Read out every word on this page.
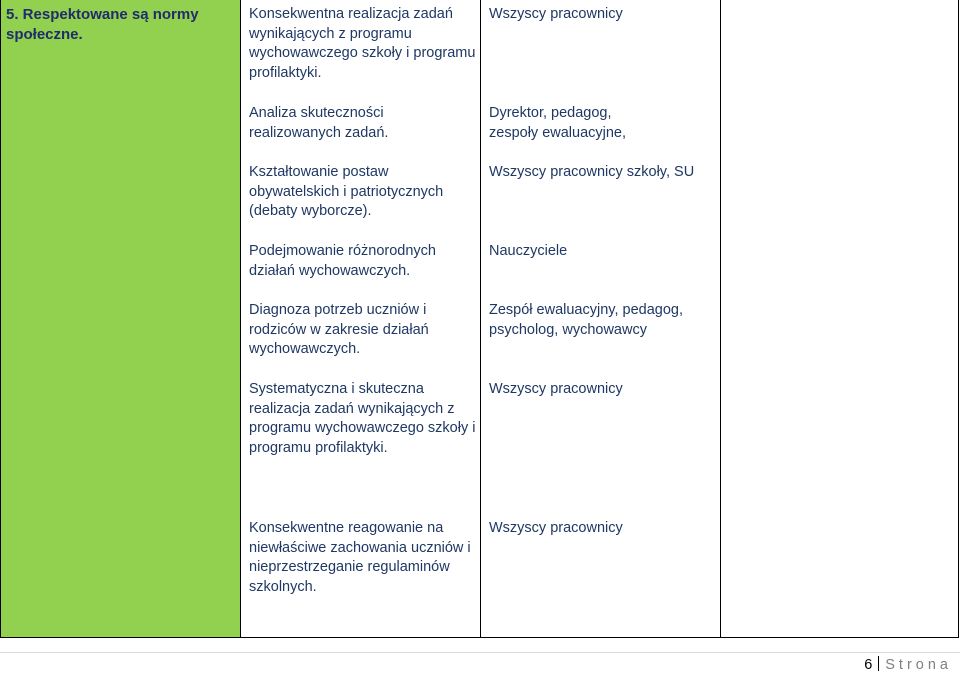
5. Respektowane są normy społeczne.
Konsekwentna realizacja zadań wynikających z programu wychowawczego szkoły i programu profilaktyki.
Analiza skuteczności realizowanych zadań.
Kształtowanie postaw obywatelskich i patriotycznych (debaty wyborcze).
Podejmowanie różnorodnych działań wychowawczych.
Diagnoza potrzeb uczniów i rodziców w zakresie działań wychowawczych.
Systematyczna i skuteczna realizacja zadań wynikających z programu wychowawczego szkoły i programu profilaktyki.
Konsekwentne reagowanie na niewłaściwe zachowania uczniów i nieprzestrzeganie regulaminów szkolnych.
Wszyscy pracownicy
Dyrektor, pedagog,
zespoły ewaluacyjne,
Wszyscy pracownicy szkoły, SU
Nauczyciele
Zespół ewaluacyjny, pedagog, psycholog, wychowawcy
Wszyscy pracownicy
Wszyscy pracownicy
6 Strona
